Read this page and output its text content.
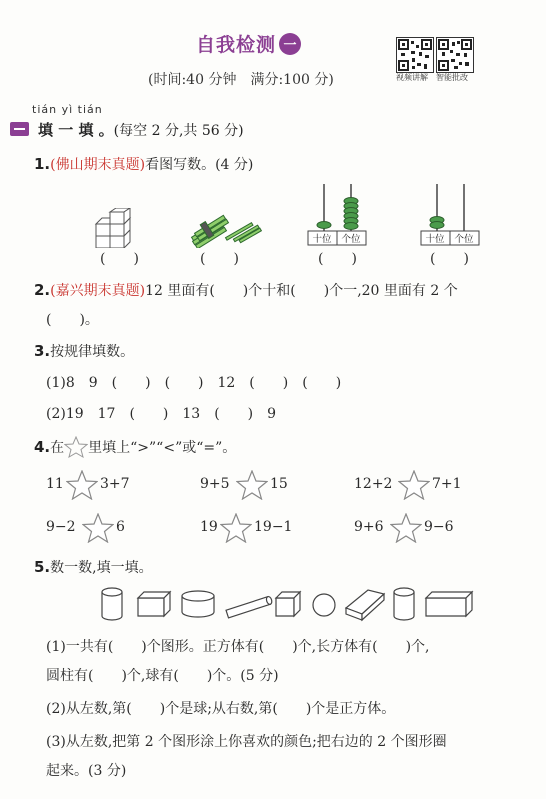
自我检测 一
(时间:40 分钟　满分:100 分)	视频讲解 智能批改
tián yì tián
填 一 填 。(每空 2 分,共 56 分)
1.(佛山期末真题)看图写数。(4 分)
十位 个位	十位 个位
(　　)	(　　)	(　　)	(　　)
2.(嘉兴期末真题)12 里面有(　　)个十和(　　)个一,20 里面有 2 个
(　　)。
3.按规律填数。
(1)8　9　(　　)　(　　)　12　(　　)　(　　)
(2)19　17　(　　)　13　(　　)　9
4. 在 里填上“>”“<”或“=”。
11	3+7	9+5	15	12+2	7+1
9−2	6	19	19−1	9+6	9−6
5.数一数,填一填。
(1)一共有(　　)个图形。正方体有(　　)个,长方体有(　　)个,
圆柱有(　　)个,球有(　　)个。(5 分)
(2)从左数,第(　　)个是球;从右数,第(　　)个是正方体。
(3)从左数,把第 2 个图形涂上你喜欢的颜色;把右边的 2 个图形圈
起来。(3 分)
